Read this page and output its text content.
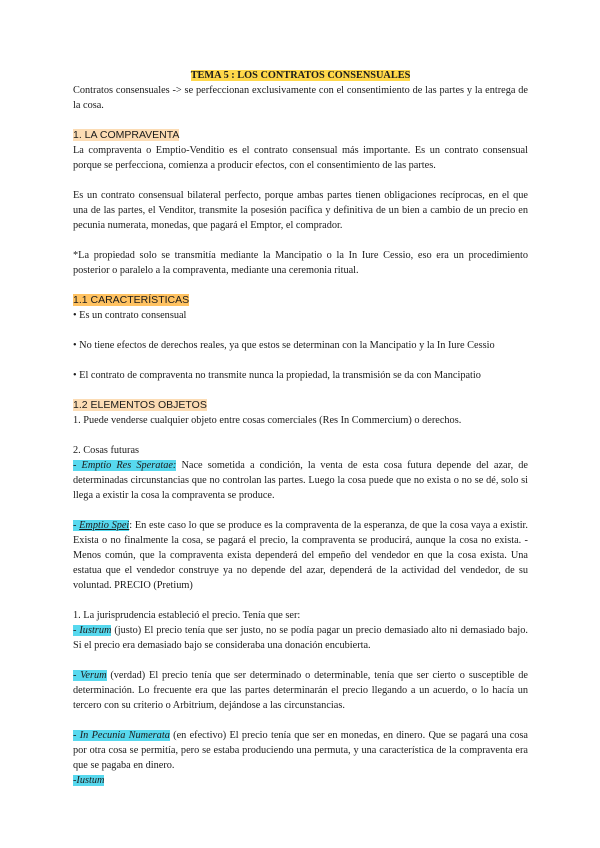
TEMA 5 : LOS CONTRATOS CONSENSUALES

Contratos consensuales -> se perfeccionan exclusivamente con el consentimiento de las partes y la entrega de la cosa.

1. LA COMPRAVENTA

La compraventa o Emptio-Venditio es el contrato consensual más importante. Es un contrato consensual porque se perfecciona, comienza a producir efectos, con el consentimiento de las partes.

Es un contrato consensual bilateral perfecto, porque ambas partes tienen obligaciones recíprocas, en el que una de las partes, el Venditor, transmite la posesión pacífica y definitiva de un bien a cambio de un precio en pecunia numerata, monedas, que pagará el Emptor, el comprador.

*La propiedad solo se transmitía mediante la Mancipatio o la In Iure Cessio, eso era un procedimiento posterior o paralelo a la compraventa, mediante una ceremonia ritual.

1.1 CARACTERÍSTICAS

• Es un contrato consensual

• No tiene efectos de derechos reales, ya que estos se determinan con la Mancipatio y la In Iure Cessio

• El contrato de compraventa no transmite nunca la propiedad, la transmisión se da con Mancipatio

1.2 ELEMENTOS OBJETOS

1. Puede venderse cualquier objeto entre cosas comerciales (Res In Commercium) o derechos.

2. Cosas futuras

- Emptio Res Speratae: Nace sometida a condición, la venta de esta cosa futura depende del azar, de determinadas circunstancias que no controlan las partes. Luego la cosa puede que no exista o no se dé, solo si llega a existir la cosa la compraventa se produce.

- Emptio Spei: En este caso lo que se produce es la compraventa de la esperanza, de que la cosa vaya a existir. Exista o no finalmente la cosa, se pagará el precio, la compraventa se producirá, aunque la cosa no exista. - Menos común, que la compraventa exista dependerá del empeño del vendedor en que la cosa exista. Una estatua que el vendedor construye ya no depende del azar, dependerá de la actividad del vendedor, de su voluntad. PRECIO (Pretium)

1. La jurisprudencia estableció el precio. Tenía que ser:

- Iustrum (justo) El precio tenía que ser justo, no se podía pagar un precio demasiado alto ni demasiado bajo. Si el precio era demasiado bajo se consideraba una donación encubierta.

- Verum (verdad) El precio tenía que ser determinado o determinable, tenía que ser cierto o susceptible de determinación. Lo frecuente era que las partes determinarán el precio llegando a un acuerdo, o lo hacía un tercero con su criterio o Arbitrium, dejándose a las circunstancias.

- In Pecunia Numerata (en efectivo) El precio tenía que ser en monedas, en dinero. Que se pagará una cosa por otra cosa se permitía, pero se estaba produciendo una permuta, y una característica de la compraventa era que se pagaba en dinero.

-Iustum
